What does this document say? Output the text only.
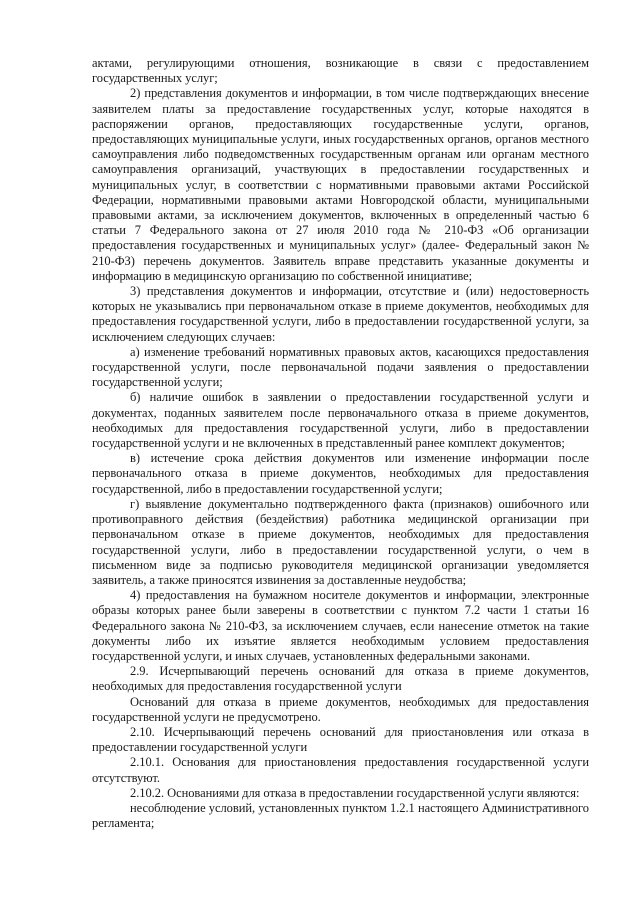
актами, регулирующими отношения, возникающие в связи с предоставлением государственных услуг;

2) представления документов и информации, в том числе подтверждающих внесение заявителем платы за предоставление государственных услуг, которые находятся в распоряжении органов, предоставляющих государственные услуги, органов, предоставляющих муниципальные услуги, иных государственных органов, органов местного самоуправления либо подведомственных государственным органам или органам местного самоуправления организаций, участвующих в предоставлении государственных и муниципальных услуг, в соответствии с нормативными правовыми актами Российской Федерации, нормативными правовыми актами Новгородской области, муниципальными правовыми актами, за исключением документов, включенных в определенный частью 6 статьи 7 Федерального закона от 27 июля 2010 года № 210-ФЗ «Об организации предоставления государственных и муниципальных услуг» (далее- Федеральный закон № 210-ФЗ) перечень документов. Заявитель вправе представить указанные документы и информацию в медицинскую организацию по собственной инициативе;

3) представления документов и информации, отсутствие и (или) недостоверность которых не указывались при первоначальном отказе в приеме документов, необходимых для предоставления государственной услуги, либо в предоставлении государственной услуги, за исключением следующих случаев:

а) изменение требований нормативных правовых актов, касающихся предоставления государственной услуги, после первоначальной подачи заявления о предоставлении государственной услуги;

б) наличие ошибок в заявлении о предоставлении государственной услуги и документах, поданных заявителем после первоначального отказа в приеме документов, необходимых для предоставления государственной услуги, либо в предоставлении государственной услуги и не включенных в представленный ранее комплект документов;

в) истечение срока действия документов или изменение информации после первоначального отказа в приеме документов, необходимых для предоставления государственной, либо в предоставлении государственной услуги;

г) выявление документально подтвержденного факта (признаков) ошибочного или противоправного действия (бездействия) работника медицинской организации при первоначальном отказе в приеме документов, необходимых для предоставления государственной услуги, либо в предоставлении государственной услуги, о чем в письменном виде за подписью руководителя медицинской организации уведомляется заявитель, а также приносятся извинения за доставленные неудобства;

4) предоставления на бумажном носителе документов и информации, электронные образы которых ранее были заверены в соответствии с пунктом 7.2 части 1 статьи 16 Федерального закона № 210-ФЗ, за исключением случаев, если нанесение отметок на такие документы либо их изъятие является необходимым условием предоставления государственной услуги, и иных случаев, установленных федеральными законами.

2.9. Исчерпывающий перечень оснований для отказа в приеме документов, необходимых для предоставления государственной услуги

Оснований для отказа в приеме документов, необходимых для предоставления государственной услуги не предусмотрено.

2.10. Исчерпывающий перечень оснований для приостановления или отказа в предоставлении государственной услуги

2.10.1. Основания для приостановления предоставления государственной услуги отсутствуют.

2.10.2. Основаниями для отказа в предоставлении государственной услуги являются:

несоблюдение условий, установленных пунктом 1.2.1 настоящего Административного регламента;
